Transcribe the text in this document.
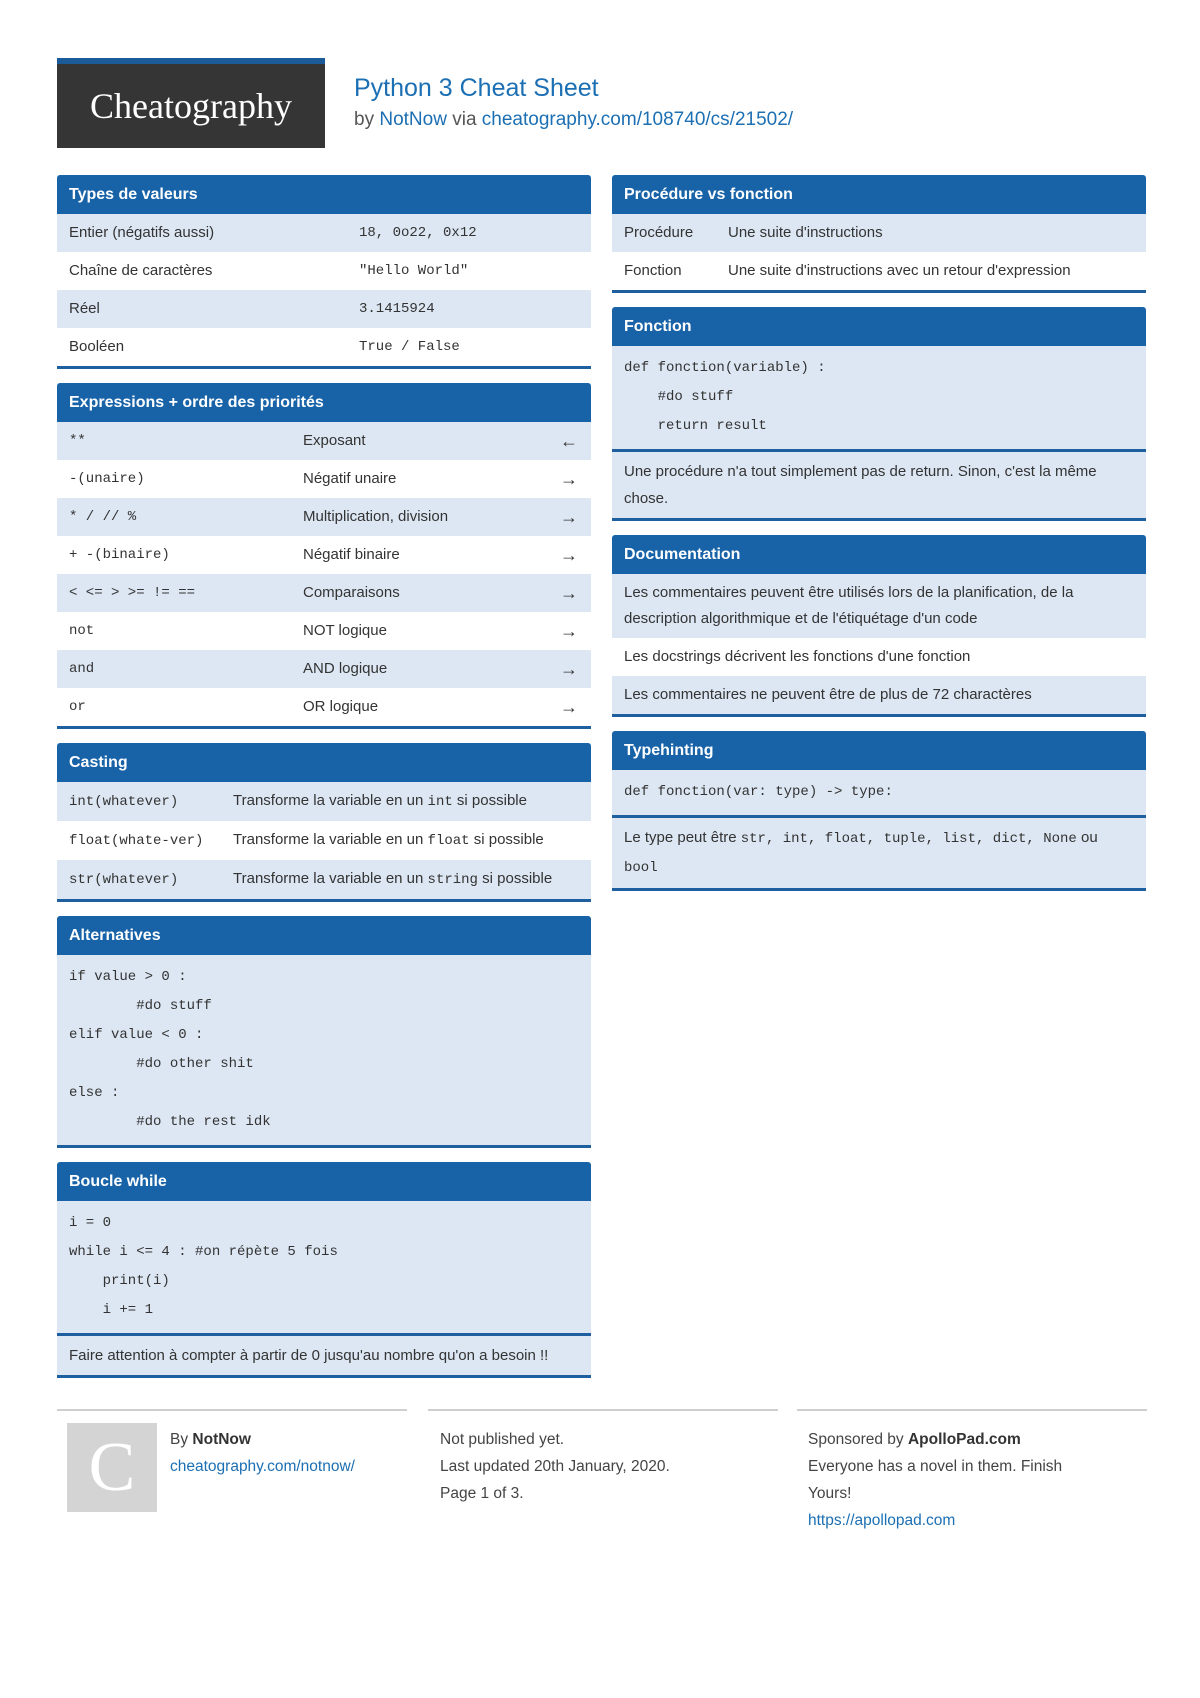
Cheatography	Python 3 Cheat Sheet
by NotNow via cheatography.com/108740/cs/21502/
Types de valeurs
Entier (négatifs aussi)	18, 0o22, 0x12
Chaîne de caractères	"Hello World"
Réel	3.1415924
Booléen	True / False
Expressions + ordre des priorités
**	Exposant	←
-(unaire)	Négatif unaire	→
* / // %	Multiplication, division	→
+ -(binaire)	Négatif binaire	→
< <= > >= != ==	Comparaisons	→
not	NOT logique	→
and	AND logique	→
or	OR logique	→
Casting
int(whatever)	Transforme la variable en un int si possible
float(whate-ver)	Transforme la variable en un float si possible
str(whatever)	Transforme la variable en un string si possible
Alternatives
if value > 0 :
#do stuff
elif value < 0 :
#do other shit
else :
#do the rest idk
Boucle while
i = 0
while i <= 4 : #on répète 5 fois
print(i)
i += 1
Faire attention à compter à partir de 0 jusqu'au nombre qu'on a besoin !!
Procédure vs fonction
Procédure	Une suite d'instructions
Fonction	Une suite d'instructions avec un retour d'expression
Fonction
def fonction(variable) :
#do stuff
return result
Une procédure n'a tout simplement pas de return. Sinon, c'est la même chose.
Documentation
Les commentaires peuvent être utilisés lors de la planification, de la description algorithmique et de l'étiquétage d'un code
Les docstrings décrivent les fonctions d'une fonction
Les commentaires ne peuvent être de plus de 72 charactères
Typehinting
def fonction(var: type) -> type:
Le type peut être str, int, float, tuple, list, dict, None ou bool
C	By NotNow
cheatography.com/notnow/
Not published yet.
Last updated 20th January, 2020.
Page 1 of 3.
Sponsored by ApolloPad.com
Everyone has a novel in them. Finish Yours!
https://apollopad.com
